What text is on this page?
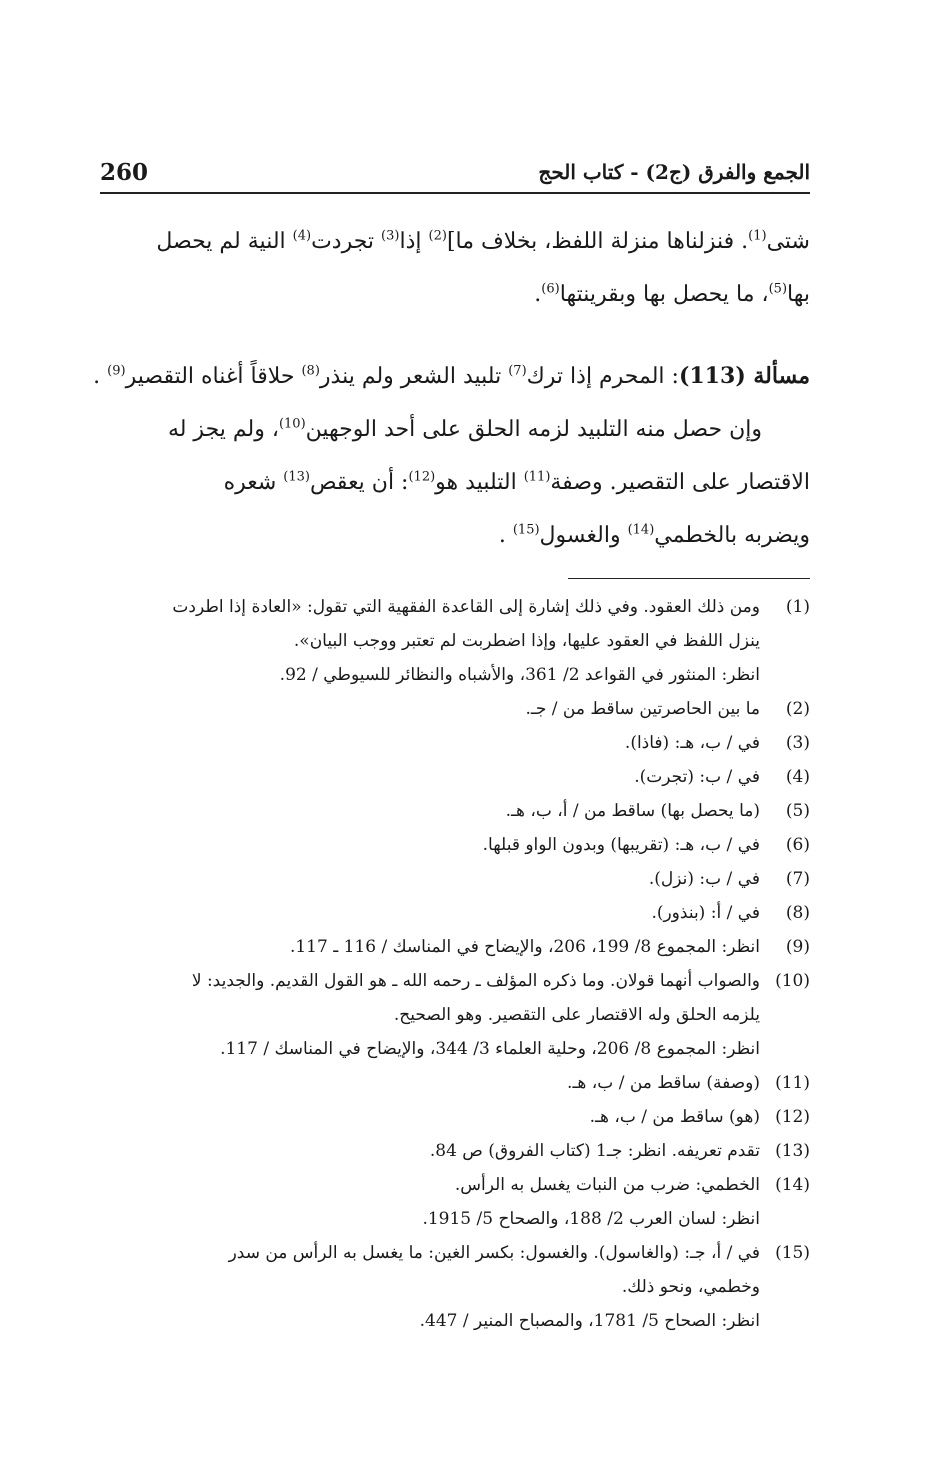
260	الجمع والفرق (ج2) - كتاب الحج
شتى$^{(1)}$. فنزلناها منزلة اللفظ، بخلاف ما]$^{(2)}$ إذا$^{(3)}$ تجردت$^{(4)}$ النية لم يحصل
بها$^{(5)}$، ما يحصل بها وبقرينتها$^{(6)}$.
مسألة (113): المحرم إذا ترك$^{(7)}$ تلبيد الشعر ولم ينذر$^{(8)}$ حلاقاً أغناه التقصير$^{(9)}$ .
وإن حصل منه التلبيد لزمه الحلق على أحد الوجهين$^{(10)}$، ولم يجز له
الاقتصار على التقصير. وصفة$^{(11)}$ التلبيد هو$^{(12)}$: أن يعقص$^{(13)}$ شعره
ويضربه بالخطمي$^{(14)}$ والغسول$^{(15)}$ .
(1)
ومن ذلك العقود. وفي ذلك إشارة إلى القاعدة الفقهية التي تقول: «العادة إذا اطردت
ينزل اللفظ في العقود عليها، وإذا اضطربت لم تعتبر ووجب البيان».
انظر: المنثور في القواعد 2/ 361، والأشباه والنظائر للسيوطي / 92.
(2)
ما بين الحاصرتين ساقط من / جـ.
(3)
في / ب، هـ: (فاذا).
(4)
في / ب: (تجرت).
(5)
(ما يحصل بها) ساقط من / أ، ب، هـ.
(6)
في / ب، هـ: (تقريبها) وبدون الواو قبلها.
(7)
في / ب: (نزل).
(8)
في / أ: (بنذور).
(9)
انظر: المجموع 8/ 199، 206، والإيضاح في المناسك / 116 ـ 117.
(10)
والصواب أنهما قولان. وما ذكره المؤلف ـ رحمه الله ـ هو القول القديم. والجديد: لا
يلزمه الحلق وله الاقتصار على التقصير. وهو الصحيح.
انظر: المجموع 8/ 206، وحلية العلماء 3/ 344، والإيضاح في المناسك / 117.
(11)
(وصفة) ساقط من / ب، هـ.
(12)
(هو) ساقط من / ب، هـ.
(13)
تقدم تعريفه. انظر: جـ1 (كتاب الفروق) ص 84.
(14)
الخطمي: ضرب من النبات يغسل به الرأس.
انظر: لسان العرب 2/ 188، والصحاح 5/ 1915.
(15)
في / أ، جـ: (والغاسول). والغسول: بكسر الغين: ما يغسل به الرأس من سدر
وخطمي، ونحو ذلك.
انظر: الصحاح 5/ 1781، والمصباح المنير / 447.
